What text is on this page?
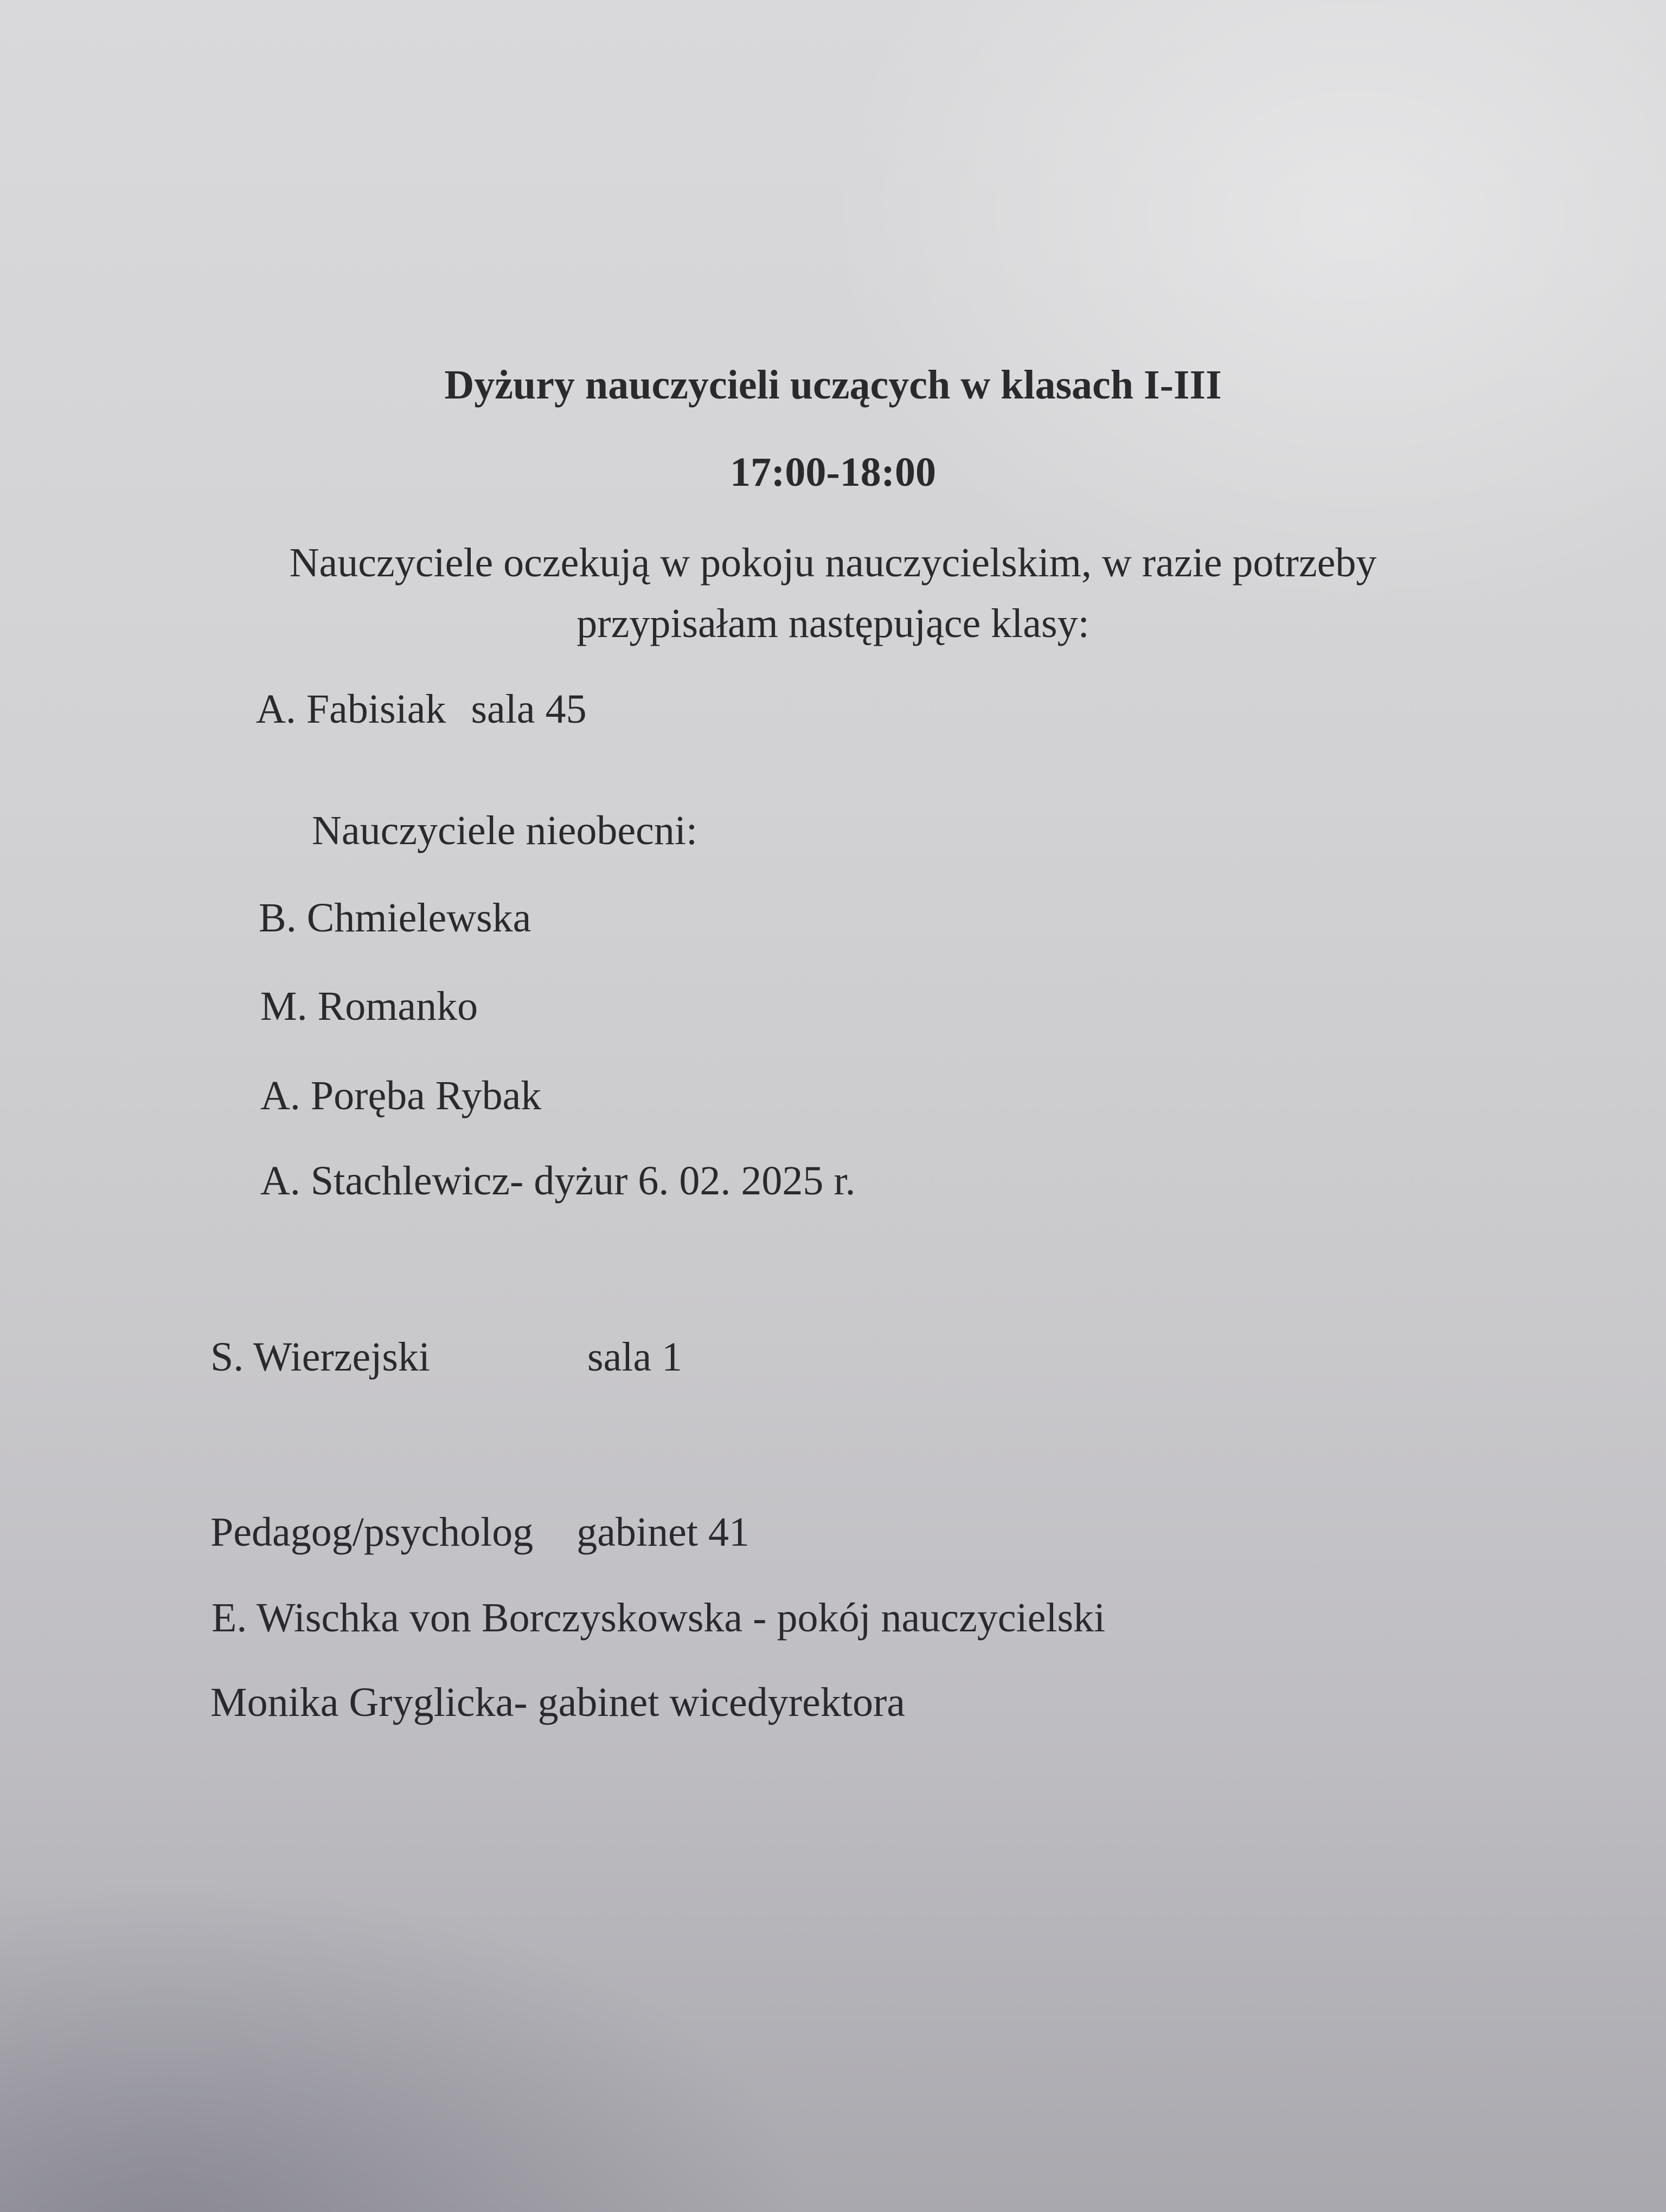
Dyżury nauczycieli uczących w klasach I-III
17:00-18:00
Nauczyciele oczekują w pokoju nauczycielskim, w razie potrzeby
przypisałam następujące klasy:
A. Fabisiak sala 45
Nauczyciele nieobecni:
B. Chmielewska
M. Romanko
A. Poręba Rybak
A. Stachlewicz- dyżur 6. 02. 2025 r.
S. Wierzejski	sala 1
Pedagog/psycholog gabinet 41
E. Wischka von Borczyskowska - pokój nauczycielski
Monika Gryglicka- gabinet wicedyrektora
